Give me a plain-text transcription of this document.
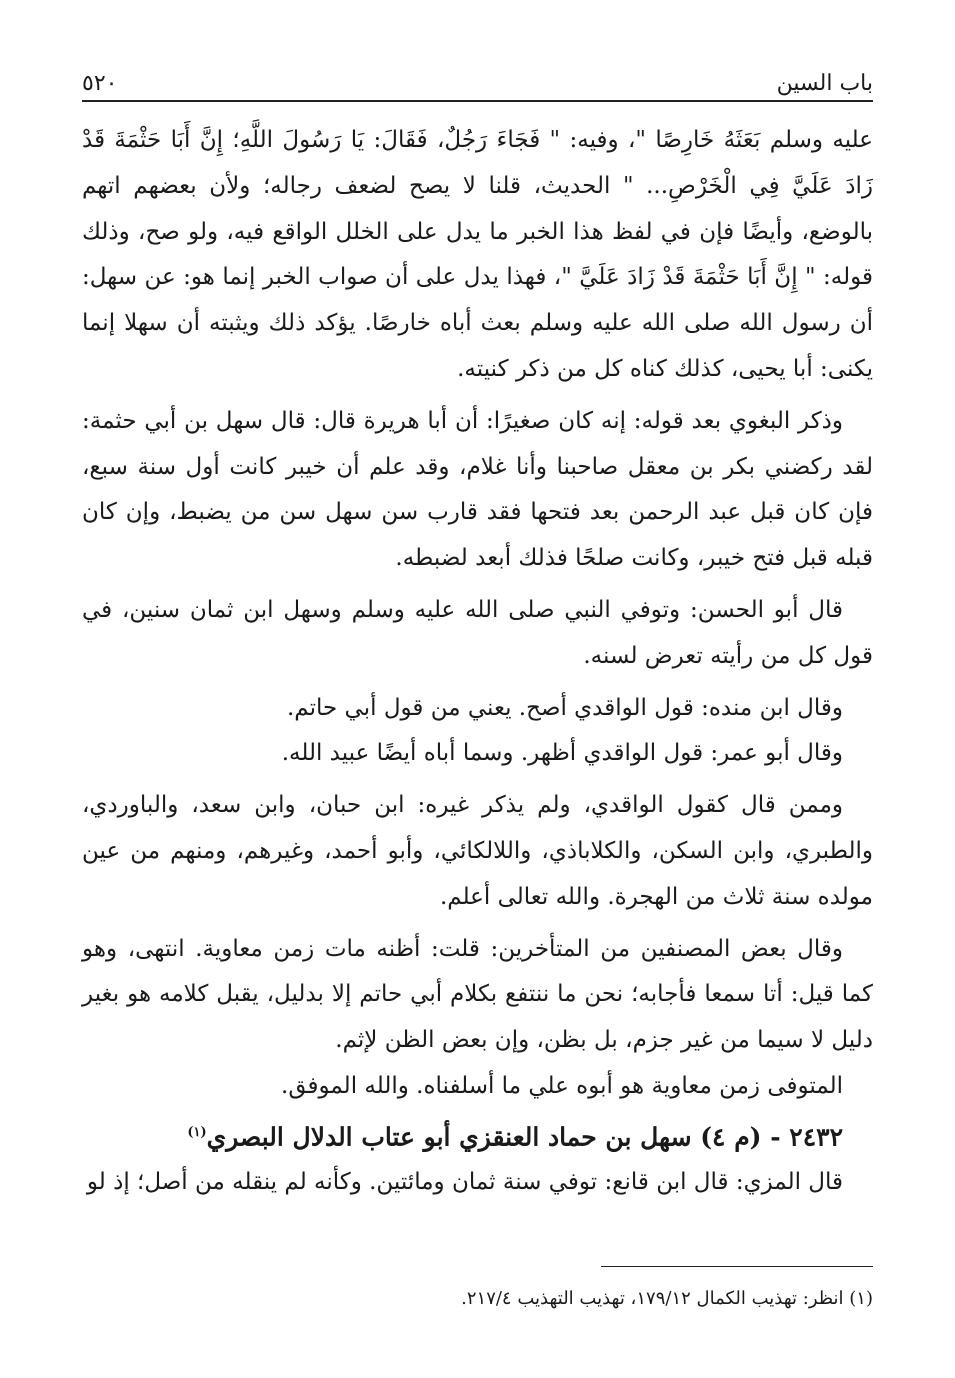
باب السين
٥٢٠

عليه وسلم بَعَثَهُ خَارِصًا "، وفيه: " فَجَاءَ رَجُلٌ، فَقَالَ: يَا رَسُولَ اللَّهِ؛ إِنَّ أَبَا حَثْمَةَ قَدْ زَادَ عَلَيَّ فِي الْخَرْصِ... " الحديث، قلنا لا يصح لضعف رجاله؛ ولأن بعضهم اتهم بالوضع، وأيضًا فإن في لفظ هذا الخبر ما يدل على الخلل الواقع فيه، ولو صح، وذلك قوله: " إِنَّ أَبَا حَثْمَةَ قَدْ زَادَ عَلَيَّ "، فهذا يدل على أن صواب الخبر إنما هو: عن سهل: أن رسول الله صلى الله عليه وسلم بعث أباه خارصًا. يؤكد ذلك ويثبته أن سهلا إنما يكنى: أبا يحيى، كذلك كناه كل من ذكر كنيته.

وذكر البغوي بعد قوله: إنه كان صغيرًا: أن أبا هريرة قال: قال سهل بن أبي حثمة: لقد ركضني بكر بن معقل صاحبنا وأنا غلام، وقد علم أن خيبر كانت أول سنة سبع، فإن كان قبل عبد الرحمن بعد فتحها فقد قارب سن سهل سن من يضبط، وإن كان قبله قبل فتح خيبر، وكانت صلحًا فذلك أبعد لضبطه.

قال أبو الحسن: وتوفي النبي صلى الله عليه وسلم وسهل ابن ثمان سنين، في قول كل من رأيته تعرض لسنه.

وقال ابن منده: قول الواقدي أصح. يعني من قول أبي حاتم.

وقال أبو عمر: قول الواقدي أظهر. وسما أباه أيضًا عبيد الله.

وممن قال كقول الواقدي، ولم يذكر غيره: ابن حبان، وابن سعد، والباوردي، والطبري، وابن السكن، والكلاباذي، واللالكائي، وأبو أحمد، وغيرهم، ومنهم من عين مولده سنة ثلاث من الهجرة. والله تعالى أعلم.

وقال بعض المصنفين من المتأخرين: قلت: أظنه مات زمن معاوية. انتهى، وهو كما قيل: أتا سمعا فأجابه؛ نحن ما ننتفع بكلام أبي حاتم إلا بدليل، يقبل كلامه هو بغير دليل لا سيما من غير جزم، بل بظن، وإن بعض الظن لإثم.

المتوفى زمن معاوية هو أبوه علي ما أسلفناه. والله الموفق.

٢٤٣٢ - (م ٤) سهل بن حماد العنقزي أبو عتاب الدلال البصري$^{(١)}$

قال المزي: قال ابن قانع: توفي سنة ثمان ومائتين. وكأنه لم ينقله من أصل؛ إذ لو

(١) انظر: تهذيب الكمال ١٧٩/١٢، تهذيب التهذيب ٢١٧/٤.
